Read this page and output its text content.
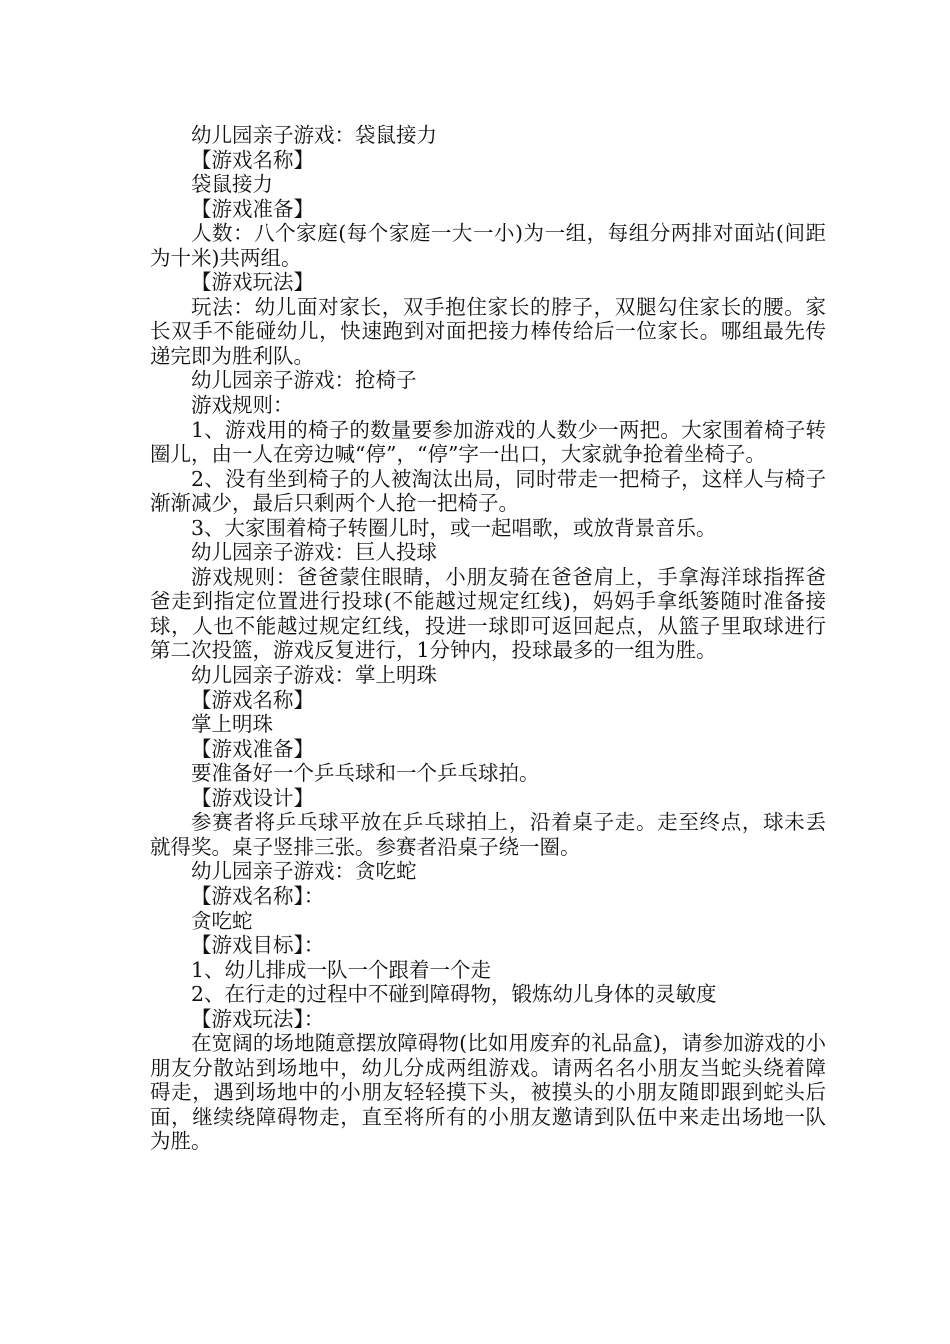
幼儿园亲子游戏：袋鼠接力

【游戏名称】

袋鼠接力

【游戏准备】

人数：八个家庭(每个家庭一大一小)为一组，每组分两排对面站(间距为十米)共两组。

【游戏玩法】

玩法：幼儿面对家长，双手抱住家长的脖子，双腿勾住家长的腰。家长双手不能碰幼儿，快速跑到对面把接力棒传给后一位家长。哪组最先传递完即为胜利队。

幼儿园亲子游戏：抢椅子

游戏规则：

1、游戏用的椅子的数量要参加游戏的人数少一两把。大家围着椅子转圈儿，由一人在旁边喊“停”，“停”字一出口，大家就争抢着坐椅子。

2、没有坐到椅子的人被淘汰出局，同时带走一把椅子，这样人与椅子渐渐减少，最后只剩两个人抢一把椅子。

3、大家围着椅子转圈儿时，或一起唱歌，或放背景音乐。

幼儿园亲子游戏：巨人投球

游戏规则：爸爸蒙住眼睛，小朋友骑在爸爸肩上，手拿海洋球指挥爸爸走到指定位置进行投球(不能越过规定红线)，妈妈手拿纸篓随时准备接球，人也不能越过规定红线，投进一球即可返回起点，从篮子里取球进行第二次投篮，游戏反复进行，1分钟内，投球最多的一组为胜。

幼儿园亲子游戏：掌上明珠

【游戏名称】

掌上明珠

【游戏准备】

要准备好一个乒乓球和一个乒乓球拍。

【游戏设计】

参赛者将乒乓球平放在乒乓球拍上，沿着桌子走。走至终点，球未丢就得奖。桌子竖排三张。参赛者沿桌子绕一圈。

幼儿园亲子游戏：贪吃蛇

【游戏名称】：

贪吃蛇

【游戏目标】：

1、幼儿排成一队一个跟着一个走

2、在行走的过程中不碰到障碍物，锻炼幼儿身体的灵敏度

【游戏玩法】：

在宽阔的场地随意摆放障碍物(比如用废弃的礼品盒)，请参加游戏的小朋友分散站到场地中，幼儿分成两组游戏。请两名名小朋友当蛇头绕着障碍走，遇到场地中的小朋友轻轻摸下头，被摸头的小朋友随即跟到蛇头后面，继续绕障碍物走，直至将所有的小朋友邀请到队伍中来走出场地一队为胜。
